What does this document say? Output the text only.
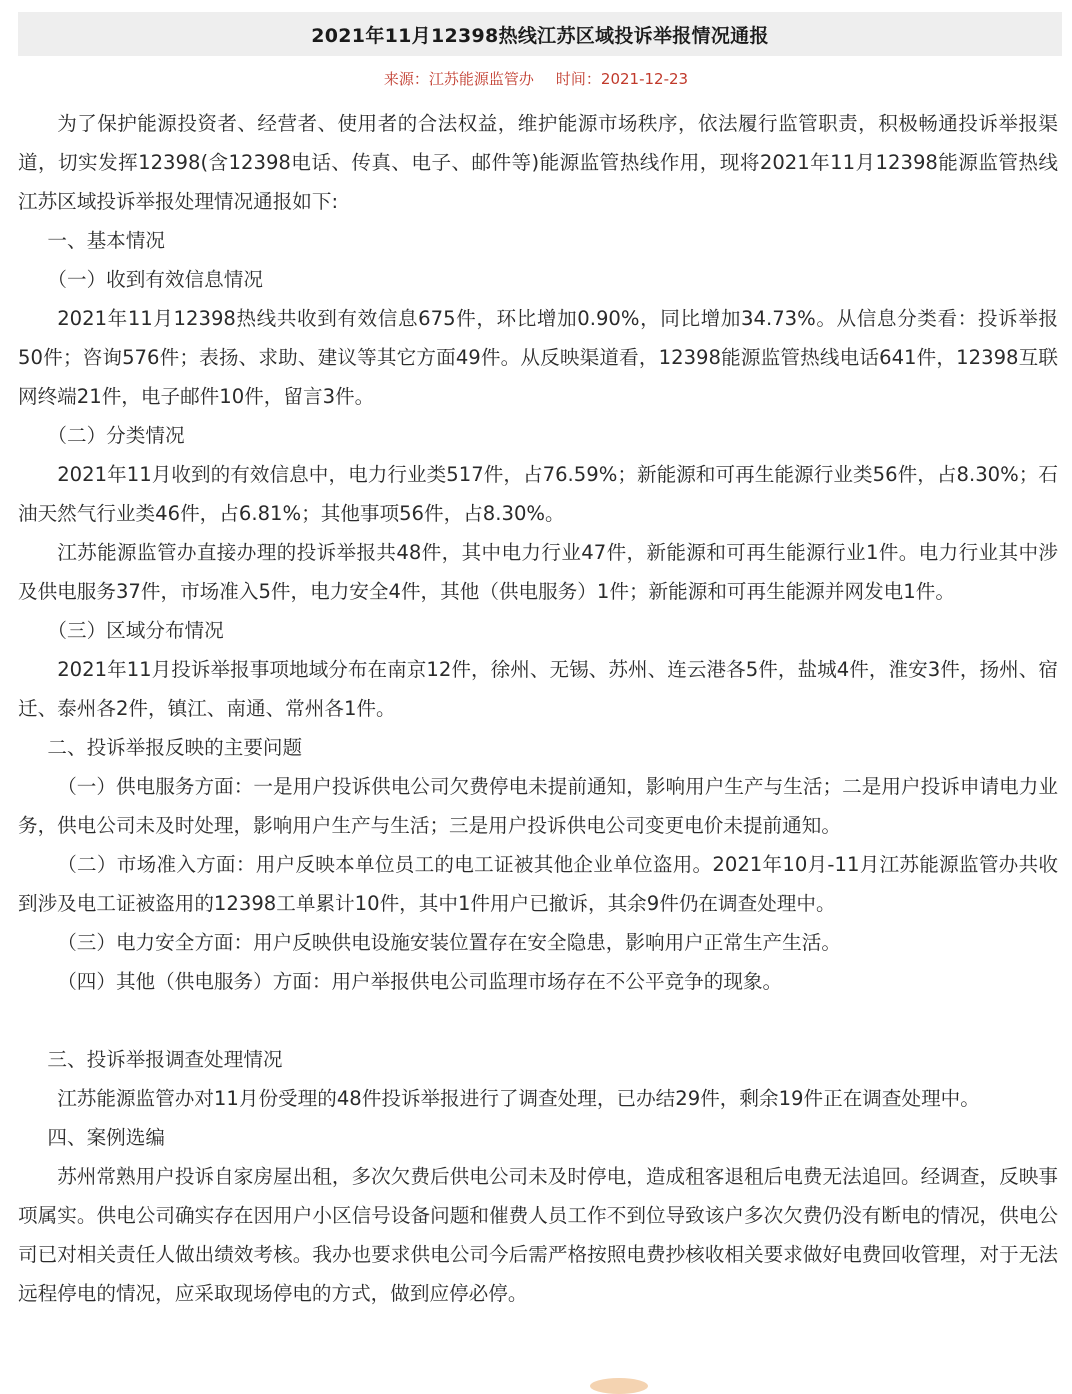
2021年11月12398热线江苏区域投诉举报情况通报
来源：江苏能源监管办 时间：2021-12-23

为了保护能源投资者、经营者、使用者的合法权益，维护能源市场秩序，依法履行监管职责，积极畅通投诉举报渠道，切实发挥12398(含12398电话、传真、电子、邮件等)能源监管热线作用，现将2021年11月12398能源监管热线江苏区域投诉举报处理情况通报如下:

一、基本情况

（一）收到有效信息情况

2021年11月12398热线共收到有效信息675件，环比增加0.90%，同比增加34.73%。从信息分类看：投诉举报50件；咨询576件；表扬、求助、建议等其它方面49件。从反映渠道看，12398能源监管热线电话641件，12398互联网终端21件，电子邮件10件，留言3件。

（二）分类情况

2021年11月收到的有效信息中，电力行业类517件，占76.59%；新能源和可再生能源行业类56件，占8.30%；石油天然气行业类46件，占6.81%；其他事项56件，占8.30%。

江苏能源监管办直接办理的投诉举报共48件，其中电力行业47件，新能源和可再生能源行业1件。电力行业其中涉及供电服务37件，市场准入5件，电力安全4件，其他（供电服务）1件；新能源和可再生能源并网发电1件。

（三）区域分布情况

2021年11月投诉举报事项地域分布在南京12件，徐州、无锡、苏州、连云港各5件，盐城4件，淮安3件，扬州、宿迁、泰州各2件，镇江、南通、常州各1件。

二、投诉举报反映的主要问题

（一）供电服务方面：一是用户投诉供电公司欠费停电未提前通知，影响用户生产与生活；二是用户投诉申请电力业务，供电公司未及时处理，影响用户生产与生活；三是用户投诉供电公司变更电价未提前通知。

（二）市场准入方面：用户反映本单位员工的电工证被其他企业单位盗用。2021年10月-11月江苏能源监管办共收到涉及电工证被盗用的12398工单累计10件，其中1件用户已撤诉，其余9件仍在调查处理中。

（三）电力安全方面：用户反映供电设施安装位置存在安全隐患，影响用户正常生产生活。

（四）其他（供电服务）方面：用户举报供电公司监理市场存在不公平竞争的现象。

三、投诉举报调查处理情况

江苏能源监管办对11月份受理的48件投诉举报进行了调查处理，已办结29件，剩余19件正在调查处理中。

四、案例选编

苏州常熟用户投诉自家房屋出租，多次欠费后供电公司未及时停电，造成租客退租后电费无法追回。经调查，反映事项属实。供电公司确实存在因用户小区信号设备问题和催费人员工作不到位导致该户多次欠费仍没有断电的情况，供电公司已对相关责任人做出绩效考核。我办也要求供电公司今后需严格按照电费抄核收相关要求做好电费回收管理，对于无法远程停电的情况，应采取现场停电的方式，做到应停必停。
